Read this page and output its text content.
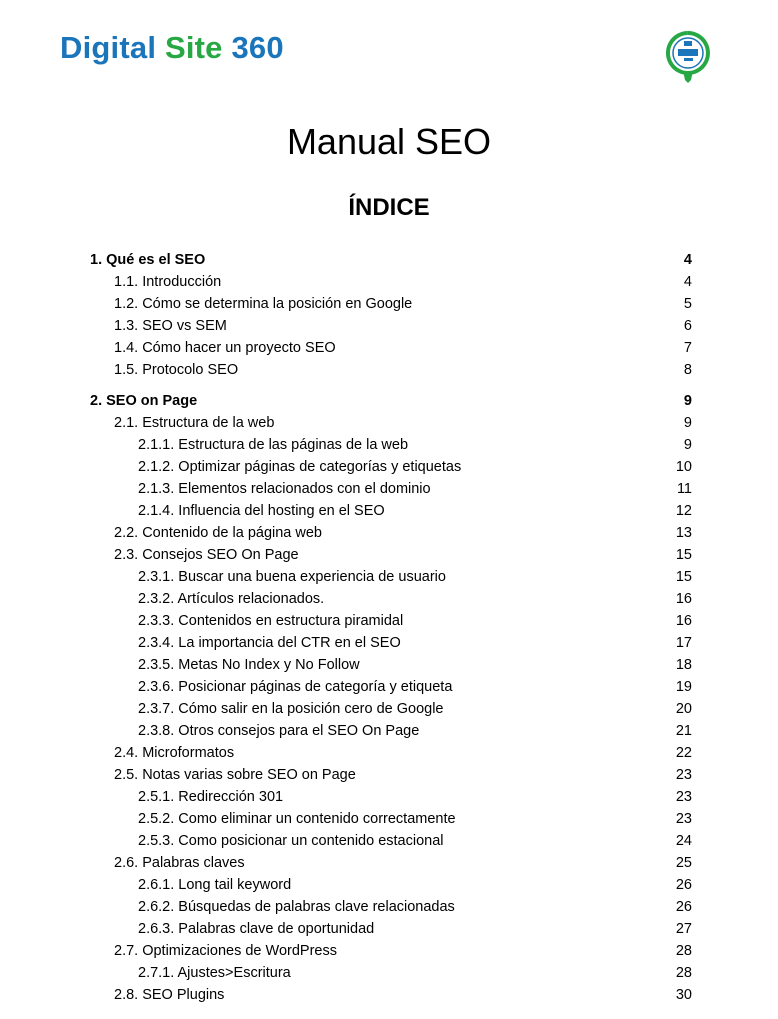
Digital Site 360
Manual SEO
ÍNDICE
1. Qué es el SEO	4
1.1. Introducción	4
1.2. Cómo se determina la posición en Google	5
1.3. SEO vs SEM	6
1.4. Cómo hacer un proyecto SEO	7
1.5. Protocolo SEO	8
2. SEO on Page	9
2.1. Estructura de la web	9
2.1.1. Estructura de las páginas de la web	9
2.1.2. Optimizar páginas de categorías y etiquetas	10
2.1.3. Elementos relacionados con el dominio	11
2.1.4. Influencia del hosting en el SEO	12
2.2. Contenido de la página web	13
2.3. Consejos SEO On Page	15
2.3.1. Buscar una buena experiencia de usuario	15
2.3.2. Artículos relacionados.	16
2.3.3. Contenidos en estructura piramidal	16
2.3.4. La importancia del CTR en el SEO	17
2.3.5. Metas No Index y No Follow	18
2.3.6. Posicionar páginas de categoría y etiqueta	19
2.3.7. Cómo salir en la posición cero de Google	20
2.3.8. Otros consejos para el SEO On Page	21
2.4. Microformatos	22
2.5. Notas varias sobre SEO on Page	23
2.5.1. Redirección 301	23
2.5.2. Como eliminar un contenido correctamente	23
2.5.3. Como posicionar un contenido estacional	24
2.6. Palabras claves	25
2.6.1. Long tail keyword	26
2.6.2. Búsquedas de palabras clave relacionadas	26
2.6.3. Palabras clave de oportunidad	27
2.7. Optimizaciones de WordPress	28
2.7.1. Ajustes>Escritura	28
2.8. SEO Plugins	30
